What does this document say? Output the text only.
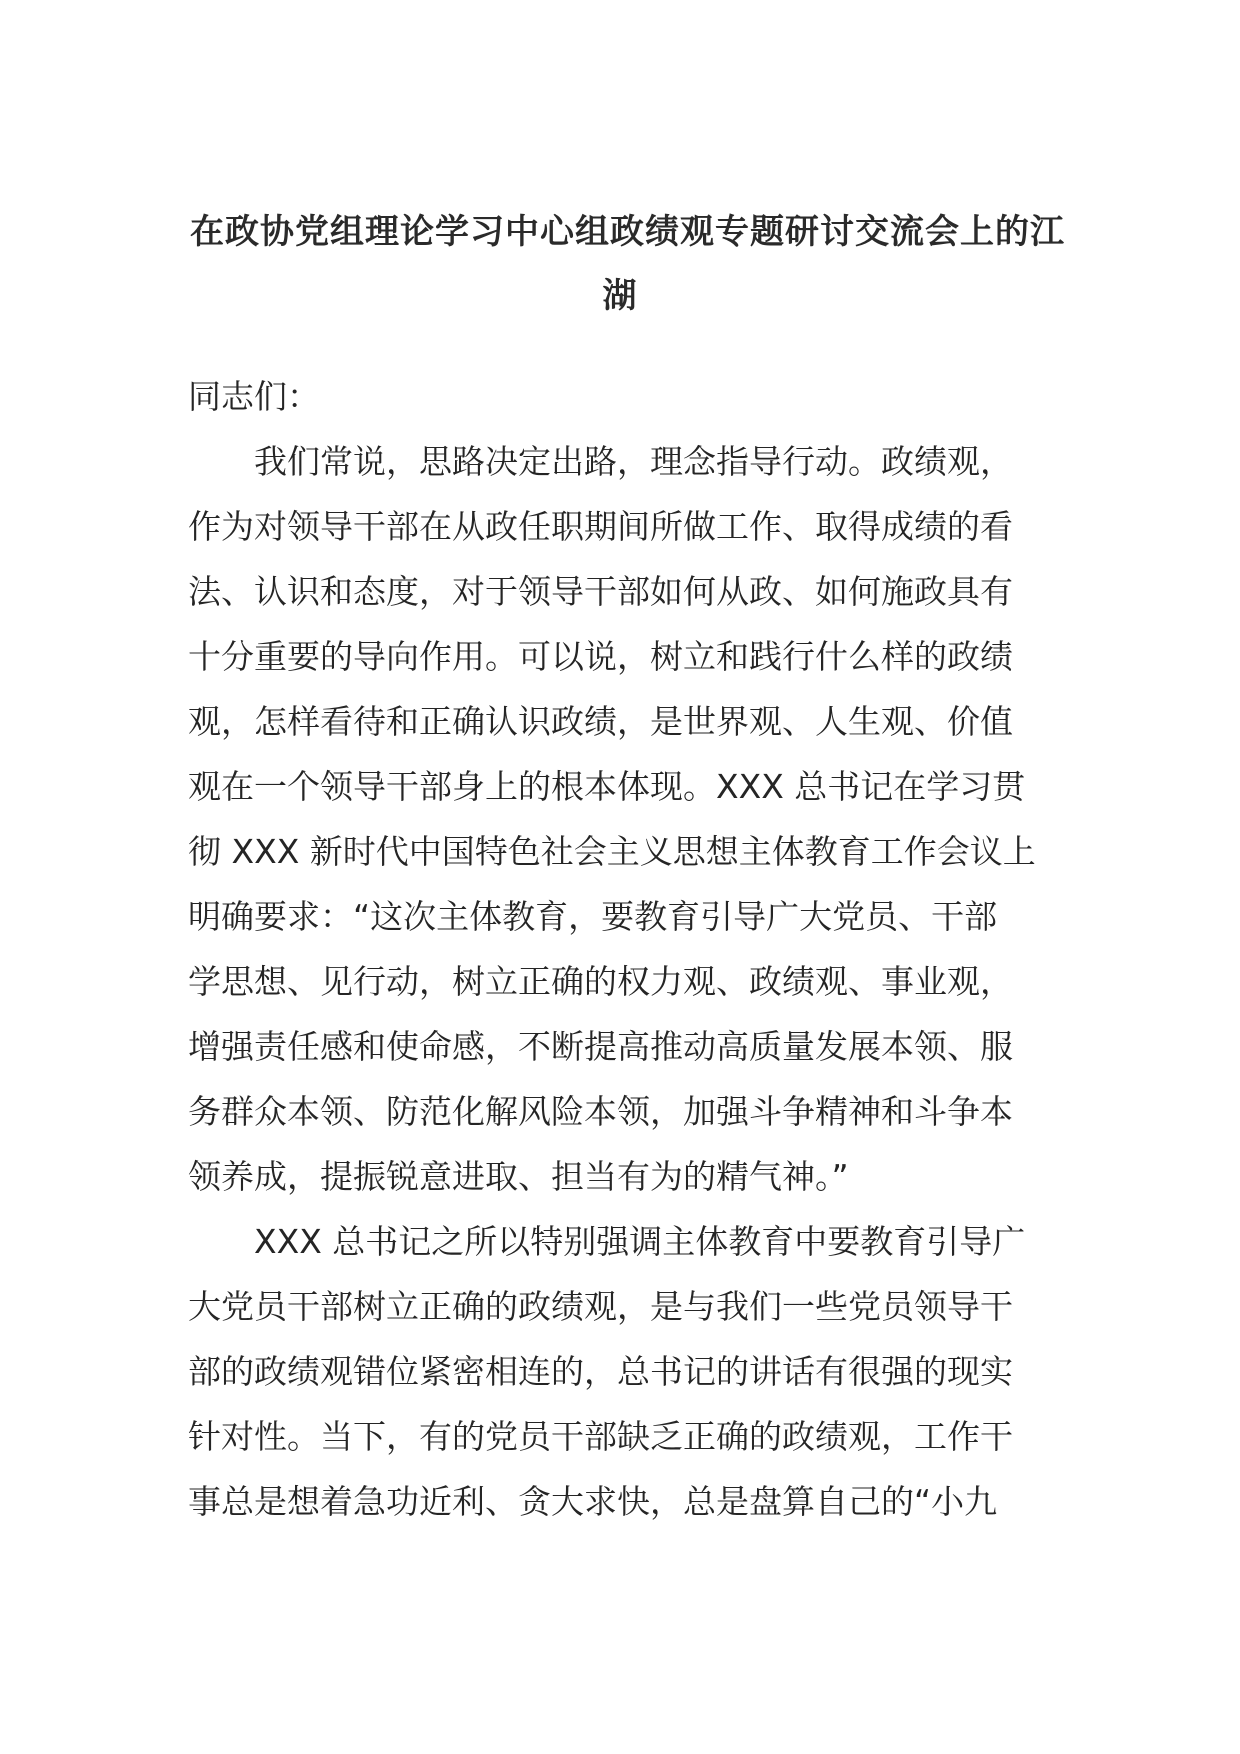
在政协党组理论学习中心组政绩观专题研讨交流会上的江
湖
同志们：
我们常说，思路决定出路，理念指导行动。政绩观，
作为对领导干部在从政任职期间所做工作、取得成绩的看
法、认识和态度，对于领导干部如何从政、如何施政具有
十分重要的导向作用。可以说，树立和践行什么样的政绩
观，怎样看待和正确认识政绩，是世界观、人生观、价值
观在一个领导干部身上的根本体现。XXX 总书记在学习贯
彻 XXX 新时代中国特色社会主义思想主体教育工作会议上
明确要求：“这次主体教育，要教育引导广大党员、干部
学思想、见行动，树立正确的权力观、政绩观、事业观，
增强责任感和使命感，不断提高推动高质量发展本领、服
务群众本领、防范化解风险本领，加强斗争精神和斗争本
领养成，提振锐意进取、担当有为的精气神。”
XXX 总书记之所以特别强调主体教育中要教育引导广
大党员干部树立正确的政绩观，是与我们一些党员领导干
部的政绩观错位紧密相连的，总书记的讲话有很强的现实
针对性。当下，有的党员干部缺乏正确的政绩观，工作干
事总是想着急功近利、贪大求快，总是盘算自己的“小九
